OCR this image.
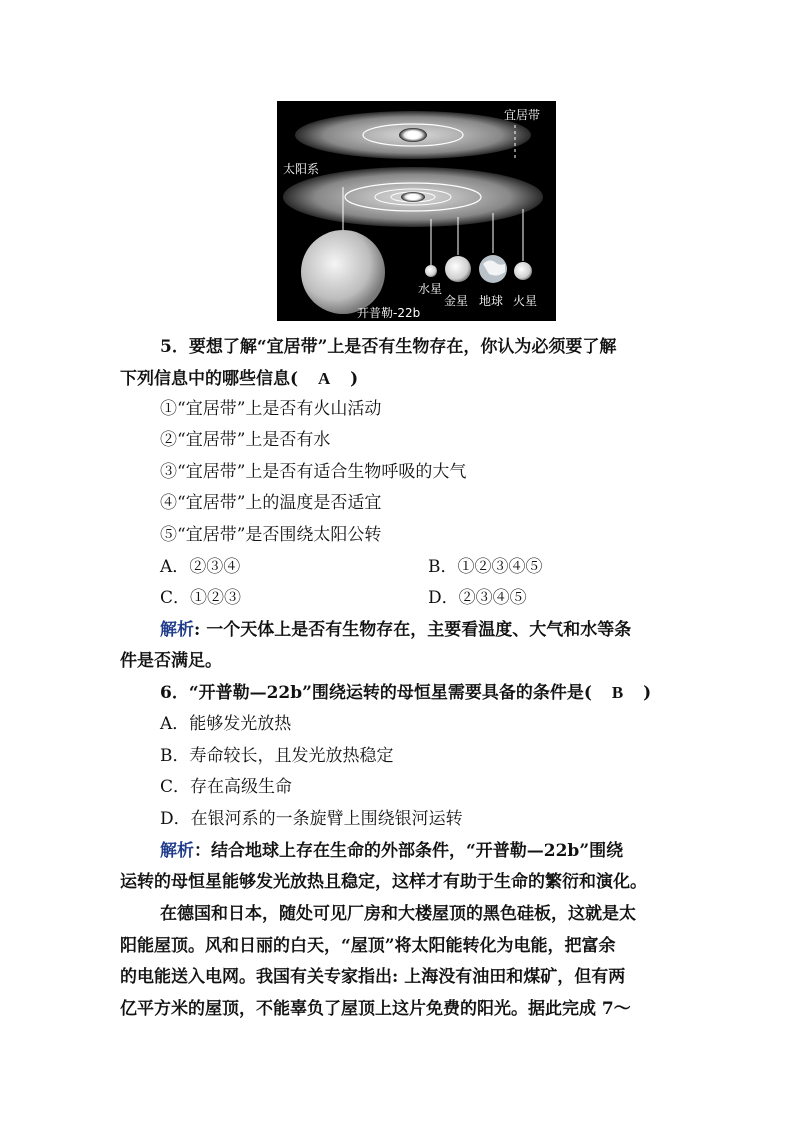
宜居带
太阳系
水星
金星 地球 火星
开普勒-22b
5．要想了解“宜居带”上是否有生物存在，你认为必须要了解
下列信息中的哪些信息( A )
①“宜居带”上是否有火山活动
②“宜居带”上是否有水
③“宜居带”上是否有适合生物呼吸的大气
④“宜居带”上的温度是否适宜
⑤“宜居带”是否围绕太阳公转
A．②③④	B．①②③④⑤
C．①②③	D．②③④⑤
解析: 一个天体上是否有生物存在，主要看温度、大气和水等条
件是否满足。
6．“开普勒—22b”围绕运转的母恒星需要具备的条件是( B )
A．能够发光放热
B．寿命较长，且发光放热稳定
C．存在高级生命
D．在银河系的一条旋臂上围绕银河运转
解析：结合地球上存在生命的外部条件，“开普勒—22b”围绕
运转的母恒星能够发光放热且稳定，这样才有助于生命的繁衍和演化。
在德国和日本，随处可见厂房和大楼屋顶的黑色硅板，这就是太
阳能屋顶。风和日丽的白天，“屋顶”将太阳能转化为电能，把富余
的电能送入电网。我国有关专家指出: 上海没有油田和煤矿，但有两
亿平方米的屋顶，不能辜负了屋顶上这片免费的阳光。据此完成 7～
